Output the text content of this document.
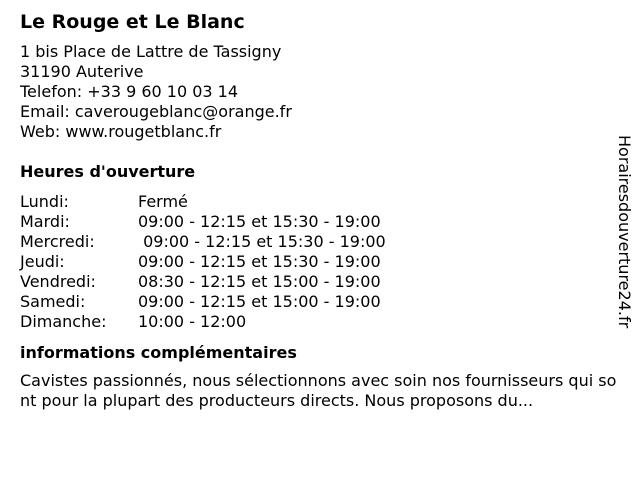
Le Rouge et Le Blanc
1 bis Place de Lattre de Tassigny
31190 Auterive
Telefon: +33 9 60 10 03 14
Email: caverougeblanc@orange.fr
Web: www.rougetblanc.fr
Heures d'ouverture
Lundi:	Fermé
Mardi:	09:00 - 12:15 et 15:30 - 19:00
Mercredi:	09:00 - 12:15 et 15:30 - 19:00
Jeudi:	09:00 - 12:15 et 15:30 - 19:00
Vendredi:	08:30 - 12:15 et 15:00 - 19:00
Samedi:	09:00 - 12:15 et 15:00 - 19:00
Dimanche: 10:00 - 12:00
informations complémentaires
Cavistes passionnés, nous sélectionnons avec soin nos fournisseurs qui sont pour la plupart des producteurs directs. Nous proposons du...
Horairesdouverture24.fr
